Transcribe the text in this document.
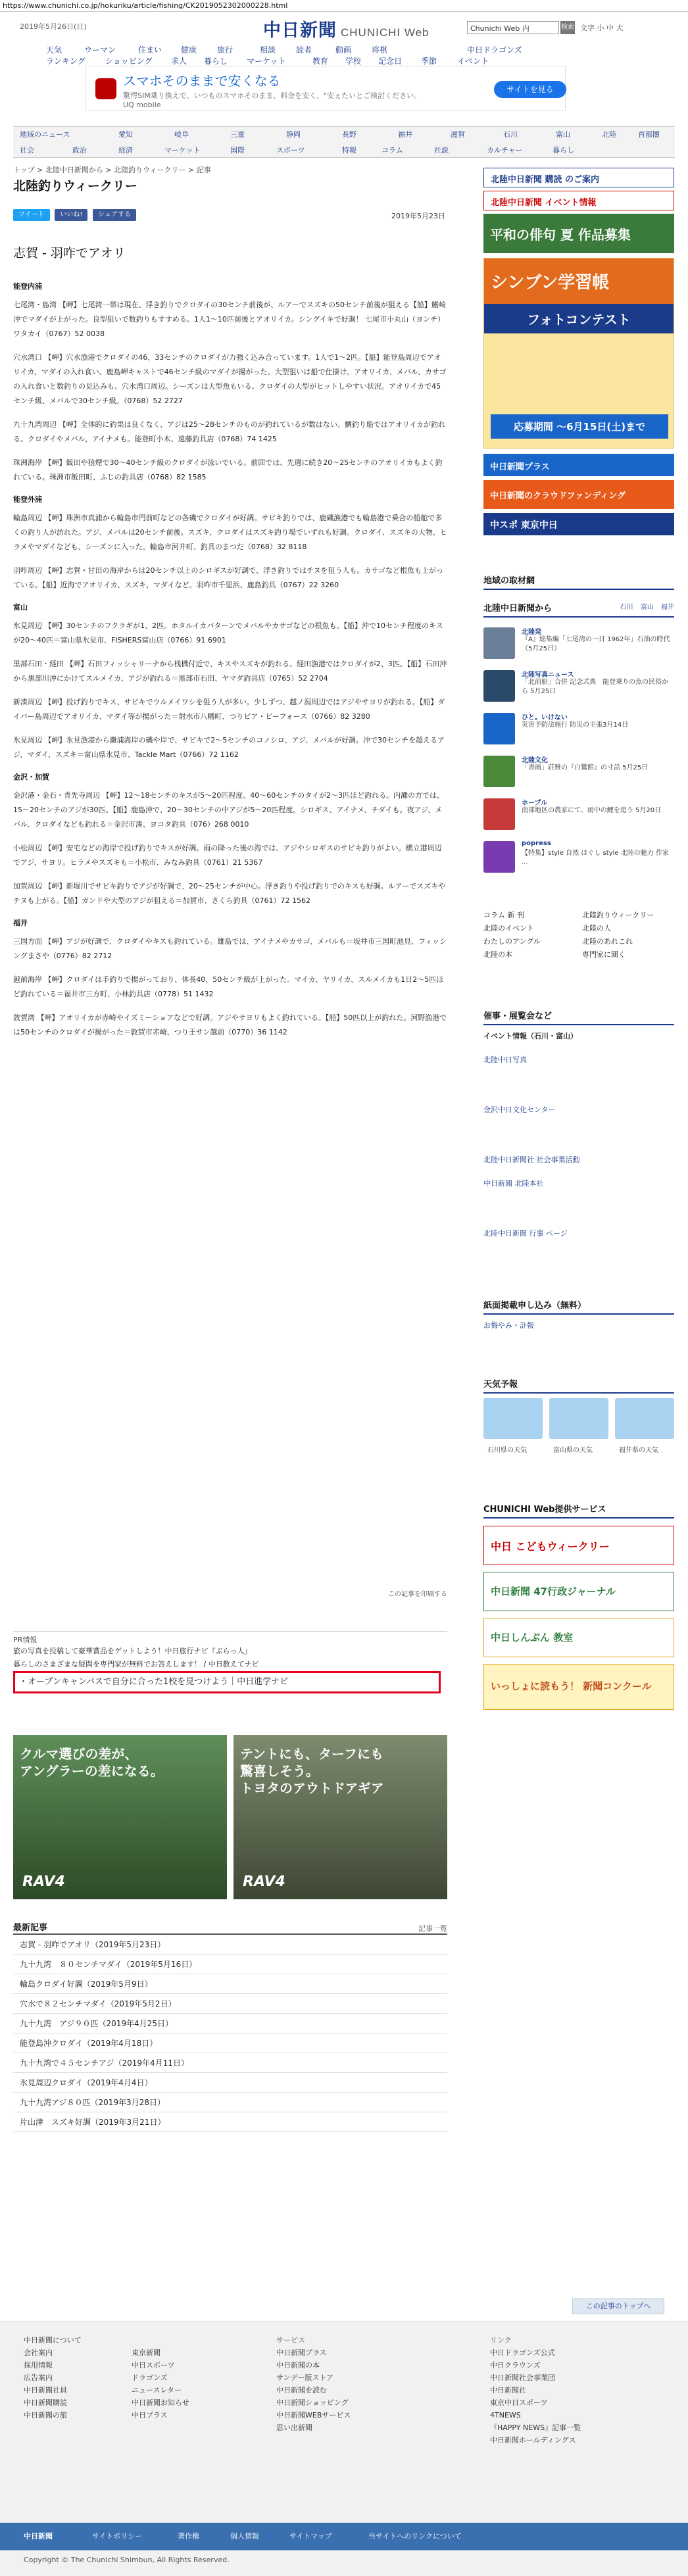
https://www.chunichi.co.jp/hokuriku/article/fishing/CK2019052302000228.html
2019年5月26日(日)	中日新聞 CHUNICHI Web	Chunichi Web 内	検索 文字 小 中 大
天気	ウーマン	住まい 健康	旅行	相談	読者	動画	将棋	中日ドラゴンズ
ランキング	ショッピング 求人 暮らし マーケット	教育 学校 記念日 季節	イベント
スマホそのままで安くなる
驚愕SIM乗り換えで、いつものスマホそのまま、料金を安く。"安ぇたいとご検討ください。 UQ mobile
サイトを見る
地域のニュース	愛知	岐阜	三重	静岡	長野	福井	滋賀	石川	富山	北陸	首都圏
社会	政治	経済	マーケット	国際	スポーツ	特報	コラム	社説	カルチャー	暮らし
トップ > 北陸中日新聞から > 北陸釣りウィークリー > 記事
北陸釣りウィークリー
ツイート いいね! シェアする	2019年5月23日
志賀 - 羽咋でアオリ
能登内浦
七尾湾・島湾 【岬】七尾湾一帯は現在、浮き釣りでクロダイの30センチ前後が、ルアーでスズキの50センチ前後が狙える【船】鰭崎沖でマダイが上がった。良型狙いで数釣りもすすめる。1人1〜10匹前後とアオリイカ。シングイキで好調！ 七尾市小丸山（ヨンチ）ワタカイ（0767）52 0038
穴水湾口 【岬】穴水漁港でクロダイの46、33センチのクロダイが力強く込み合っています。1人で1〜2匹。【船】能登島周辺でアオリイカ、マダイの入れ食い。鹿島岬キャストで46センチ級のマダイが揚がった。大型狙いは船で仕掛け。アオリイカ、メバル、カサゴの入れ食いと数釣りの見込みも。穴水湾口周辺。シーズンは大型魚もいる。クロダイの大型がヒットしやすい状況。アオリイカで45センチ級、メバルで30センチ級。（0768）52 2727
九十九湾周辺 【岬】全体的に釣果は良くなく、アジは25〜28センチのものが釣れているが数はない。鯛釣り船ではアオリイカが釣れる。クロダイやメバル、アイナメも。能登町小木、遠藤釣具店（0768）74 1425
珠洲海岸 【岬】飯田や狼煙で30〜40センチ級のクロダイが泳いでいる。前回では、先週に続き20〜25センチのアオリイカもよく釣れている。珠洲市飯田町、ふじの釣具店（0768）82 1585
能登外浦
輪島周辺 【岬】珠洲市真浦から輪島市門前町などの各磯でクロダイが好調。サビキ釣りでは、鹿磯漁港でも輪島港で乗合の船舶で多くの釣り人が訪れた。アジ、メバルは20センチ前後。スズキ、クロダイはスズキ釣り場でいずれも好調。クロダイ、スズキの大物、ヒラメやマダイなども、シーズンに入った。輪島市河井町、釣具のまつだ（0768）32 8118
羽咋周辺 【岬】志賀・甘田の海岸からは20センチ以上のシロギスが好調で、浮き釣りではチヌを狙う人も。カサゴなど根魚も上がっている。【船】近海でアオリイカ、スズキ、マダイなど。羽咋市千里浜、鹿島釣具（0767）22 3260
富山
氷見周辺 【岬】30センチのフクラギが1、2匹。ホタルイカパターンでメバルやカサゴなどの根魚も。【船】沖で10センチ程度のキスが20〜40匹＝富山県氷見市、FISHERS富山店（0766）91 6901
黒部石田・経田 【岬】石田フィッシャリーナから桟橋付近で、キスやスズキが釣れる。経田漁港ではクロダイが2、3匹。【船】石田沖から黒部川沖にかけてスルメイカ、アジが釣れる＝黒部市石田、ヤマダ釣具店（0765）52 2704
新湊周辺 【岬】投げ釣りでキス、サビキでウルメイワシを狙う人が多い。少しずつ、越ノ潟周辺ではアジやサヨリが釣れる。【船】ダイバー島周辺でアオリイカ、マダイ等が揚がった＝射水市八幡町、つりピア・ビーフォース（0766）82 3280
氷見周辺 【岬】氷見漁港から灘浦海岸の磯や岸で、サビキで2〜5センチのコノシロ、アジ、メバルが好調。沖で30センチを超えるアジ、マダイ、スズキ＝富山県氷見市、Tackle Mart（0766）72 1162
金沢・加賀
金沢港・金石・青先寺周辺 【岬】12〜18センチのキスが5〜20匹程度、40〜60センチのタイが2〜3匹ほど釣れる。内灘の方では、15〜20センチのアジが30匹。【船】鹿島沖で、20〜30センチの中アジが5〜20匹程度。シロギス、アイナメ、チダイも。夜アジ、メバル、クロダイなども釣れる＝金沢市湊、ヨコタ釣具（076）268 0010
小松周辺 【岬】安宅などの海岸で投げ釣りでキスが好調。雨の降った後の海では、アジやシロギスのサビキ釣りがよい。橋立港周辺でアジ、サヨリ。ヒラメやスズキも＝小松市、みなみ釣具（0761）21 5367
加賀周辺 【岬】新堀川でサビキ釣りでアジが好調で、20〜25センチが中心。浮き釣りや投げ釣りでのキスも好調。ルアーでスズキやチヌも上がる。【船】ガンドや大型のアジが狙える＝加賀市、さくら釣具（0761）72 1562
福井
三国方面 【岬】アジが好調で、クロダイやキスも釣れている。雄島では、アイナメやカサゴ、メバルも＝坂井市三国町池見、フィッシングまさや（0776）82 2712
越前海岸 【岬】クロダイは手釣りで揚がっており、体長40、50センチ級が上がった。マイカ、ヤリイカ、スルメイカも1日2〜5匹ほど釣れている＝福井市三方町、小林釣具店（0778）51 1432
敦賀湾 【岬】アオリイカが赤崎やイズミーショアなどで好調。アジやサヨリもよく釣れている。【船】50匹以上が釣れた。河野漁港では50センチのクロダイが揚がった＝敦賀市赤崎、つり王サン越前（0770）36 1142
この記事を印刷する
PR情報
旅の写真を投稿して豪華賞品をゲットしよう！中日旅行ナビ『ぶらっ人』
暮らしのさまざまな疑問を専門家が無料でお答えします！ / 中日教えてナビ
・オープンキャンパスで自分に合った1校を見つけよう｜中日進学ナビ
クルマ選びの差が、
アングラーの差になる。
RAV4
テントにも、ターフにも
驚喜しそう。
トヨタのアウトドアギア
RAV4
最新記事	記事一覧
志賀 - 羽咋でアオリ（2019年5月23日）
九十九湾　８０センチマダイ（2019年5月16日）
輪島クロダイ好調（2019年5月9日）
穴水で８２センチマダイ（2019年5月2日）
九十九湾　アジ９０匹（2019年4月25日）
能登島沖クロダイ（2019年4月18日）
九十九湾で４５センチアジ（2019年4月11日）
氷見周辺クロダイ（2019年4月4日）
九十九湾アジ８０匹（2019年3月28日）
片山津　スズキ好調（2019年3月21日）
この記事のトップへ
北陸中日新聞 購読 のご案内
北陸中日新聞 イベント情報
平和の俳句 夏 作品募集
シンブン学習帳
フォトコンテスト
応募期間 〜6月15日(土)まで
中日新聞プラス
中日新聞のクラウドファンディング
中スポ 東京中日
地域の取材網
北陸中日新聞から	石川 富山 福井
北陸発
『A』総集編「七尾湾の一日 1962年」石油の時代（5月25日）
北陸写真ニュース
「北前船」合併 記念式典　能登乗りの魚の民俗から 5月25日
ひと。いけない
災害予防法施行 防災の主張3月14日
北陸文化
「書画」荘雅の『白鷺館』の寸話 5月25日
ホープル
南部地区の農家にて、雨中の鯉を追う 5月20日
popress
【特集】style 自然 ほぐし style 北陸の魅力 作家 ...
コラム 新 刊
北陸のイベント
わたしのアングル
北陸の本
北陸釣りウィークリー
北陸の人
北陸のあれこれ
専門家に聞く
催事・展覧会など
イベント情報（石川・富山）
北陸中日写真
金沢中日文化センター
北陸中日新聞社 社会事業活動
中日新聞 北陸本社
北陸中日新聞 行事 ページ
紙面掲載申し込み（無料）
お悔やみ・訃報
天気予報
石川県の天気	富山県の天気	福井県の天気
CHUNICHI Web提供サービス
中日 こどもウィークリー
中日新聞 47行政ジャーナル
中日しんぶん 教室
いっしょに読もう！ 新聞コンクール
中日新聞について
会社案内
採用情報
広告案内
中日新聞社員
中日新聞購読
中日新聞の旅
東京新聞
中日スポーツ
ドラゴンズ
ニュースレター
中日新聞お知らせ
中日プラス
サービス
中日新聞プラス
中日新聞の本
サンデー版ストア
中日新聞を読む
中日新聞ショッピング
中日新聞WEBサービス
思い出新聞
リンク
中日ドラゴンズ公式
中日クラウンズ
中日新聞社会事業団
中日新聞社
東京中日スポーツ
4TNEWS
『HAPPY NEWS』記事一覧
中日新聞ホールディングス
中日新聞	サイトポリシー	著作権	個人情報	サイトマップ	当サイトへのリンクについて
Copyright © The Chunichi Shimbun, All Rights Reserved.
